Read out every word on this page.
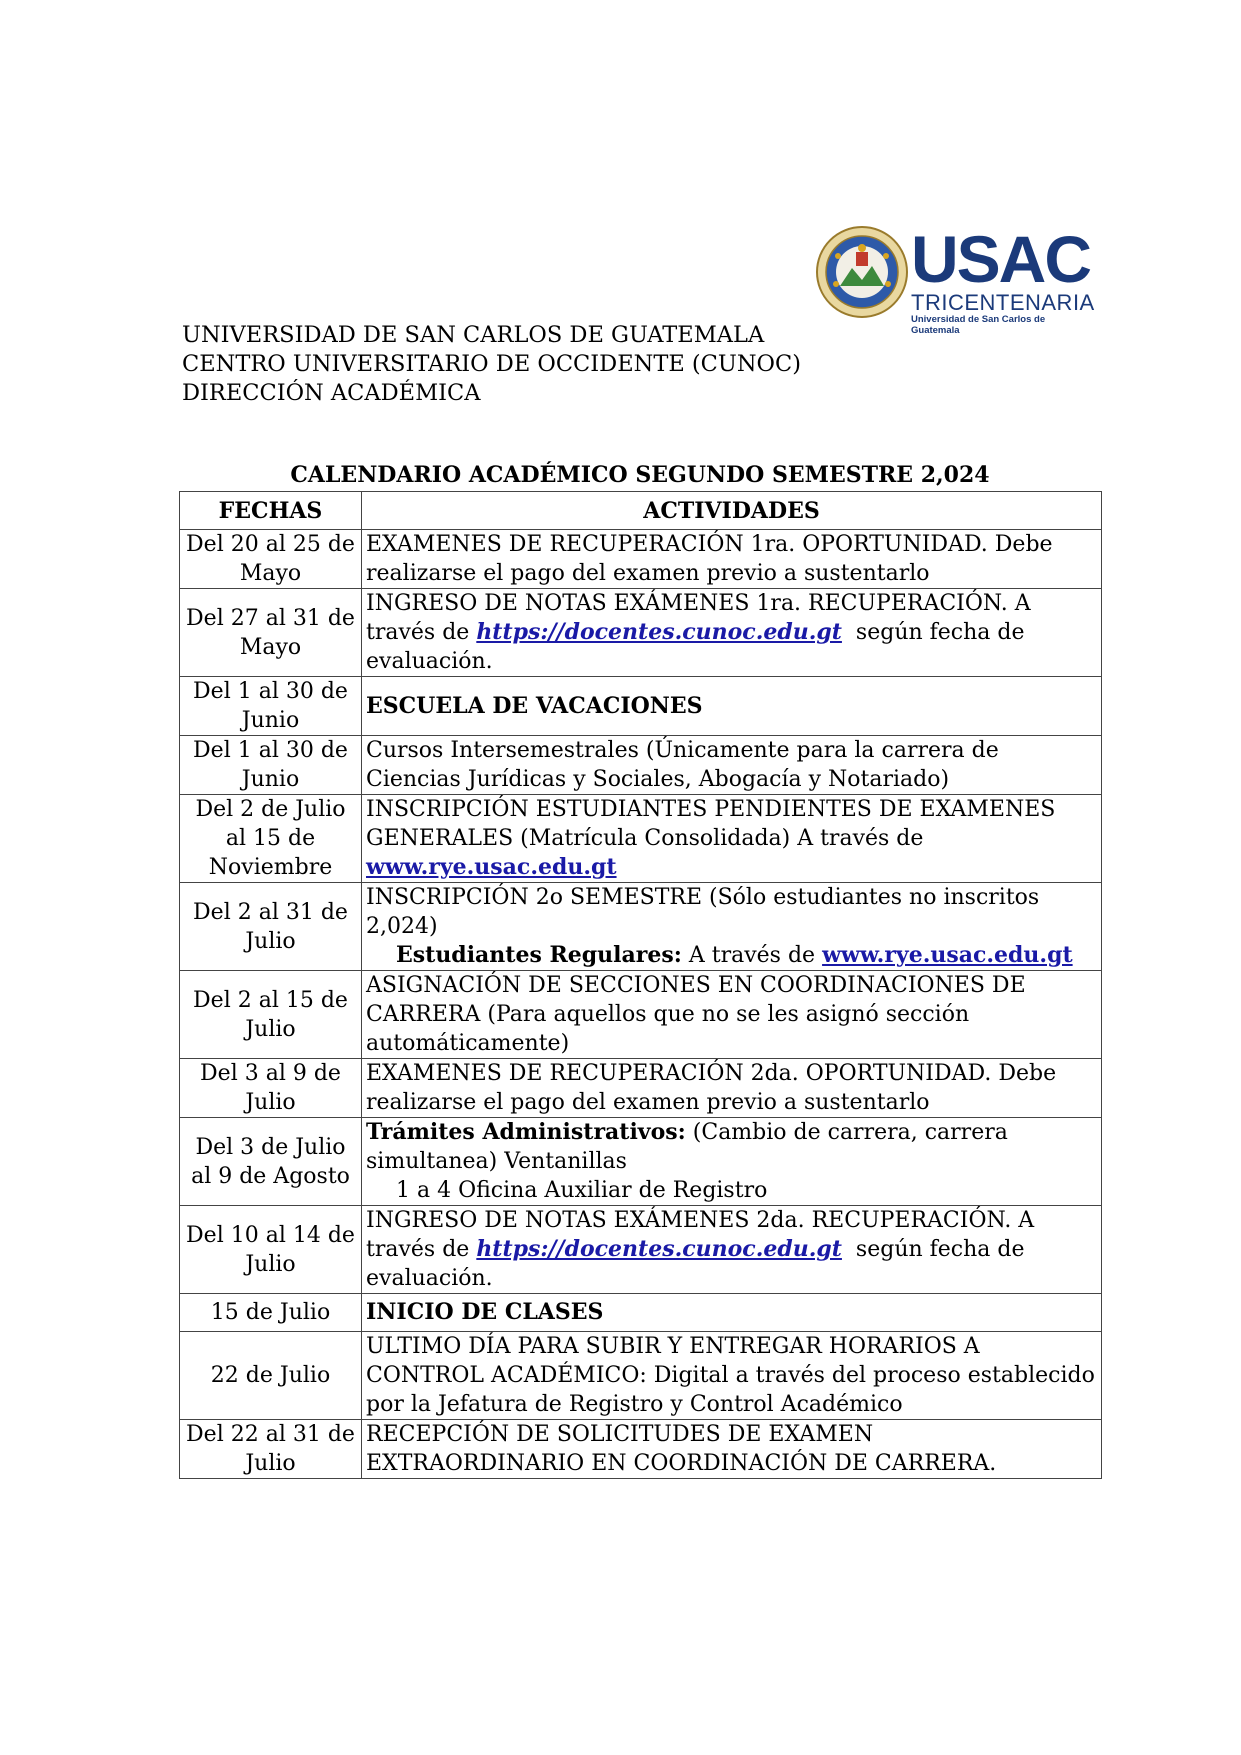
USAC
TRICENTENARIA
Universidad de San Carlos de Guatemala
UNIVERSIDAD DE SAN CARLOS DE GUATEMALA
CENTRO UNIVERSITARIO DE OCCIDENTE (CUNOC)
DIRECCIÓN ACADÉMICA
CALENDARIO ACADÉMICO SEGUNDO SEMESTRE 2,024
FECHAS	ACTIVIDADES
Del 20 al 25 de Mayo	EXAMENES DE RECUPERACIÓN 1ra. OPORTUNIDAD. Debe realizarse el pago del examen previo a sustentarlo
Del 27 al 31 de Mayo	INGRESO DE NOTAS EXÁMENES 1ra. RECUPERACIÓN. A través de https://docentes.cunoc.edu.gt  según fecha de evaluación.
Del 1 al 30 de Junio	ESCUELA DE VACACIONES
Del 1 al 30 de Junio	Cursos Intersemestrales (Únicamente para la carrera de Ciencias Jurídicas y Sociales, Abogacía y Notariado)
Del 2 de Julio al 15 de Noviembre	INSCRIPCIÓN ESTUDIANTES PENDIENTES DE EXAMENES GENERALES (Matrícula Consolidada) A través de www.rye.usac.edu.gt
Del 2 al 31 de Julio	INSCRIPCIÓN 2o SEMESTRE (Sólo estudiantes no inscritos 2,024)
Estudiantes Regulares: A través de www.rye.usac.edu.gt
Del 2 al 15 de Julio	ASIGNACIÓN DE SECCIONES EN COORDINACIONES DE CARRERA (Para aquellos que no se les asignó sección automáticamente)
Del 3 al 9 de Julio	EXAMENES DE RECUPERACIÓN 2da. OPORTUNIDAD. Debe realizarse el pago del examen previo a sustentarlo
Del 3 de Julio al 9 de Agosto	Trámites Administrativos: (Cambio de carrera, carrera simultanea) Ventanillas
1 a 4 Oficina Auxiliar de Registro
Del 10 al 14 de Julio	INGRESO DE NOTAS EXÁMENES 2da. RECUPERACIÓN. A través de https://docentes.cunoc.edu.gt  según fecha de evaluación.
15 de Julio	INICIO DE CLASES
22 de Julio	ULTIMO DÍA PARA SUBIR Y ENTREGAR HORARIOS A CONTROL ACADÉMICO: Digital a través del proceso establecido por la Jefatura de Registro y Control Académico
Del 22 al 31 de Julio	RECEPCIÓN DE SOLICITUDES DE EXAMEN EXTRAORDINARIO EN COORDINACIÓN DE CARRERA.
